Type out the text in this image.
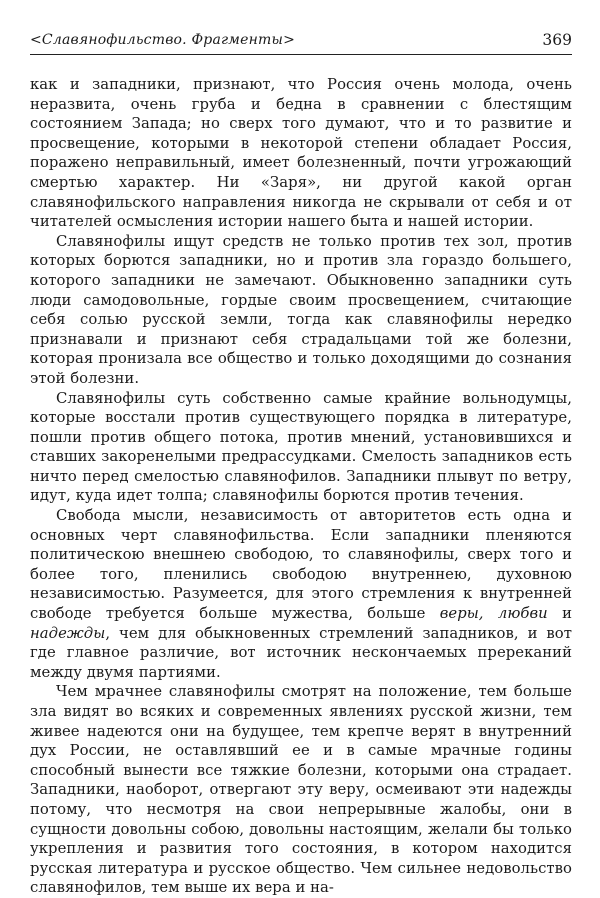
<Славянофильство. Фрагменты>	369

как и западники, признают, что Россия очень молода, очень неразвита, очень груба и бедна в сравнении с блестящим состоянием Запада; но сверх того думают, что и то развитие и просвещение, которыми в некоторой степени обладает Россия, поражено неправильный, имеет болезненный, почти угрожающий смертью характер. Ни «Заря», ни другой какой орган славянофильского направления никогда не скрывали от себя и от читателей осмысления истории нашего быта и нашей истории.

Славянофилы ищут средств не только против тех зол, против которых борются западники, но и против зла гораздо большего, которого западники не замечают. Обыкновенно западники суть люди самодовольные, гордые своим просвещением, считающие себя солью русской земли, тогда как славянофилы нередко признавали и признают себя страдальцами той же болезни, которая пронизала все общество и только доходящими до сознания этой болезни.

Славянофилы суть собственно самые крайние вольнодумцы, которые восстали против существующего порядка в литературе, пошли против общего потока, против мнений, установившихся и ставших закоренелыми предрассудками. Смелость западников есть ничто перед смелостью славянофилов. Западники плывут по ветру, идут, куда идет толпа; славянофилы борются против течения.

Свобода мысли, независимость от авторитетов есть одна и основных черт славянофильства. Если западники пленяются политическою внешнею свободою, то славянофилы, сверх того и более того, пленились свободою внутреннею, духовною независимостью. Разумеется, для этого стремления к внутренней свободе требуется больше мужества, больше веры, любви и надежды, чем для обыкновенных стремлений западников, и вот где главное различие, вот источник нескончаемых пререканий между двумя партиями.

Чем мрачнее славянофилы смотрят на положение, тем больше зла видят во всяких и современных явлениях русской жизни, тем живее надеются они на будущее, тем крепче верят в внутренний дух России, не оставлявший ее и в самые мрачные годины способный вынести все тяжкие болезни, которыми она страдает. Западники, наоборот, отвергают эту веру, осмеивают эти надежды потому, что несмотря на свои непрерывные жалобы, они в сущности довольны собою, довольны настоящим, желали бы только укрепления и развития того состояния, в котором находится русская литература и русское общество. Чем сильнее недовольство славянофилов, тем выше их вера и на-
